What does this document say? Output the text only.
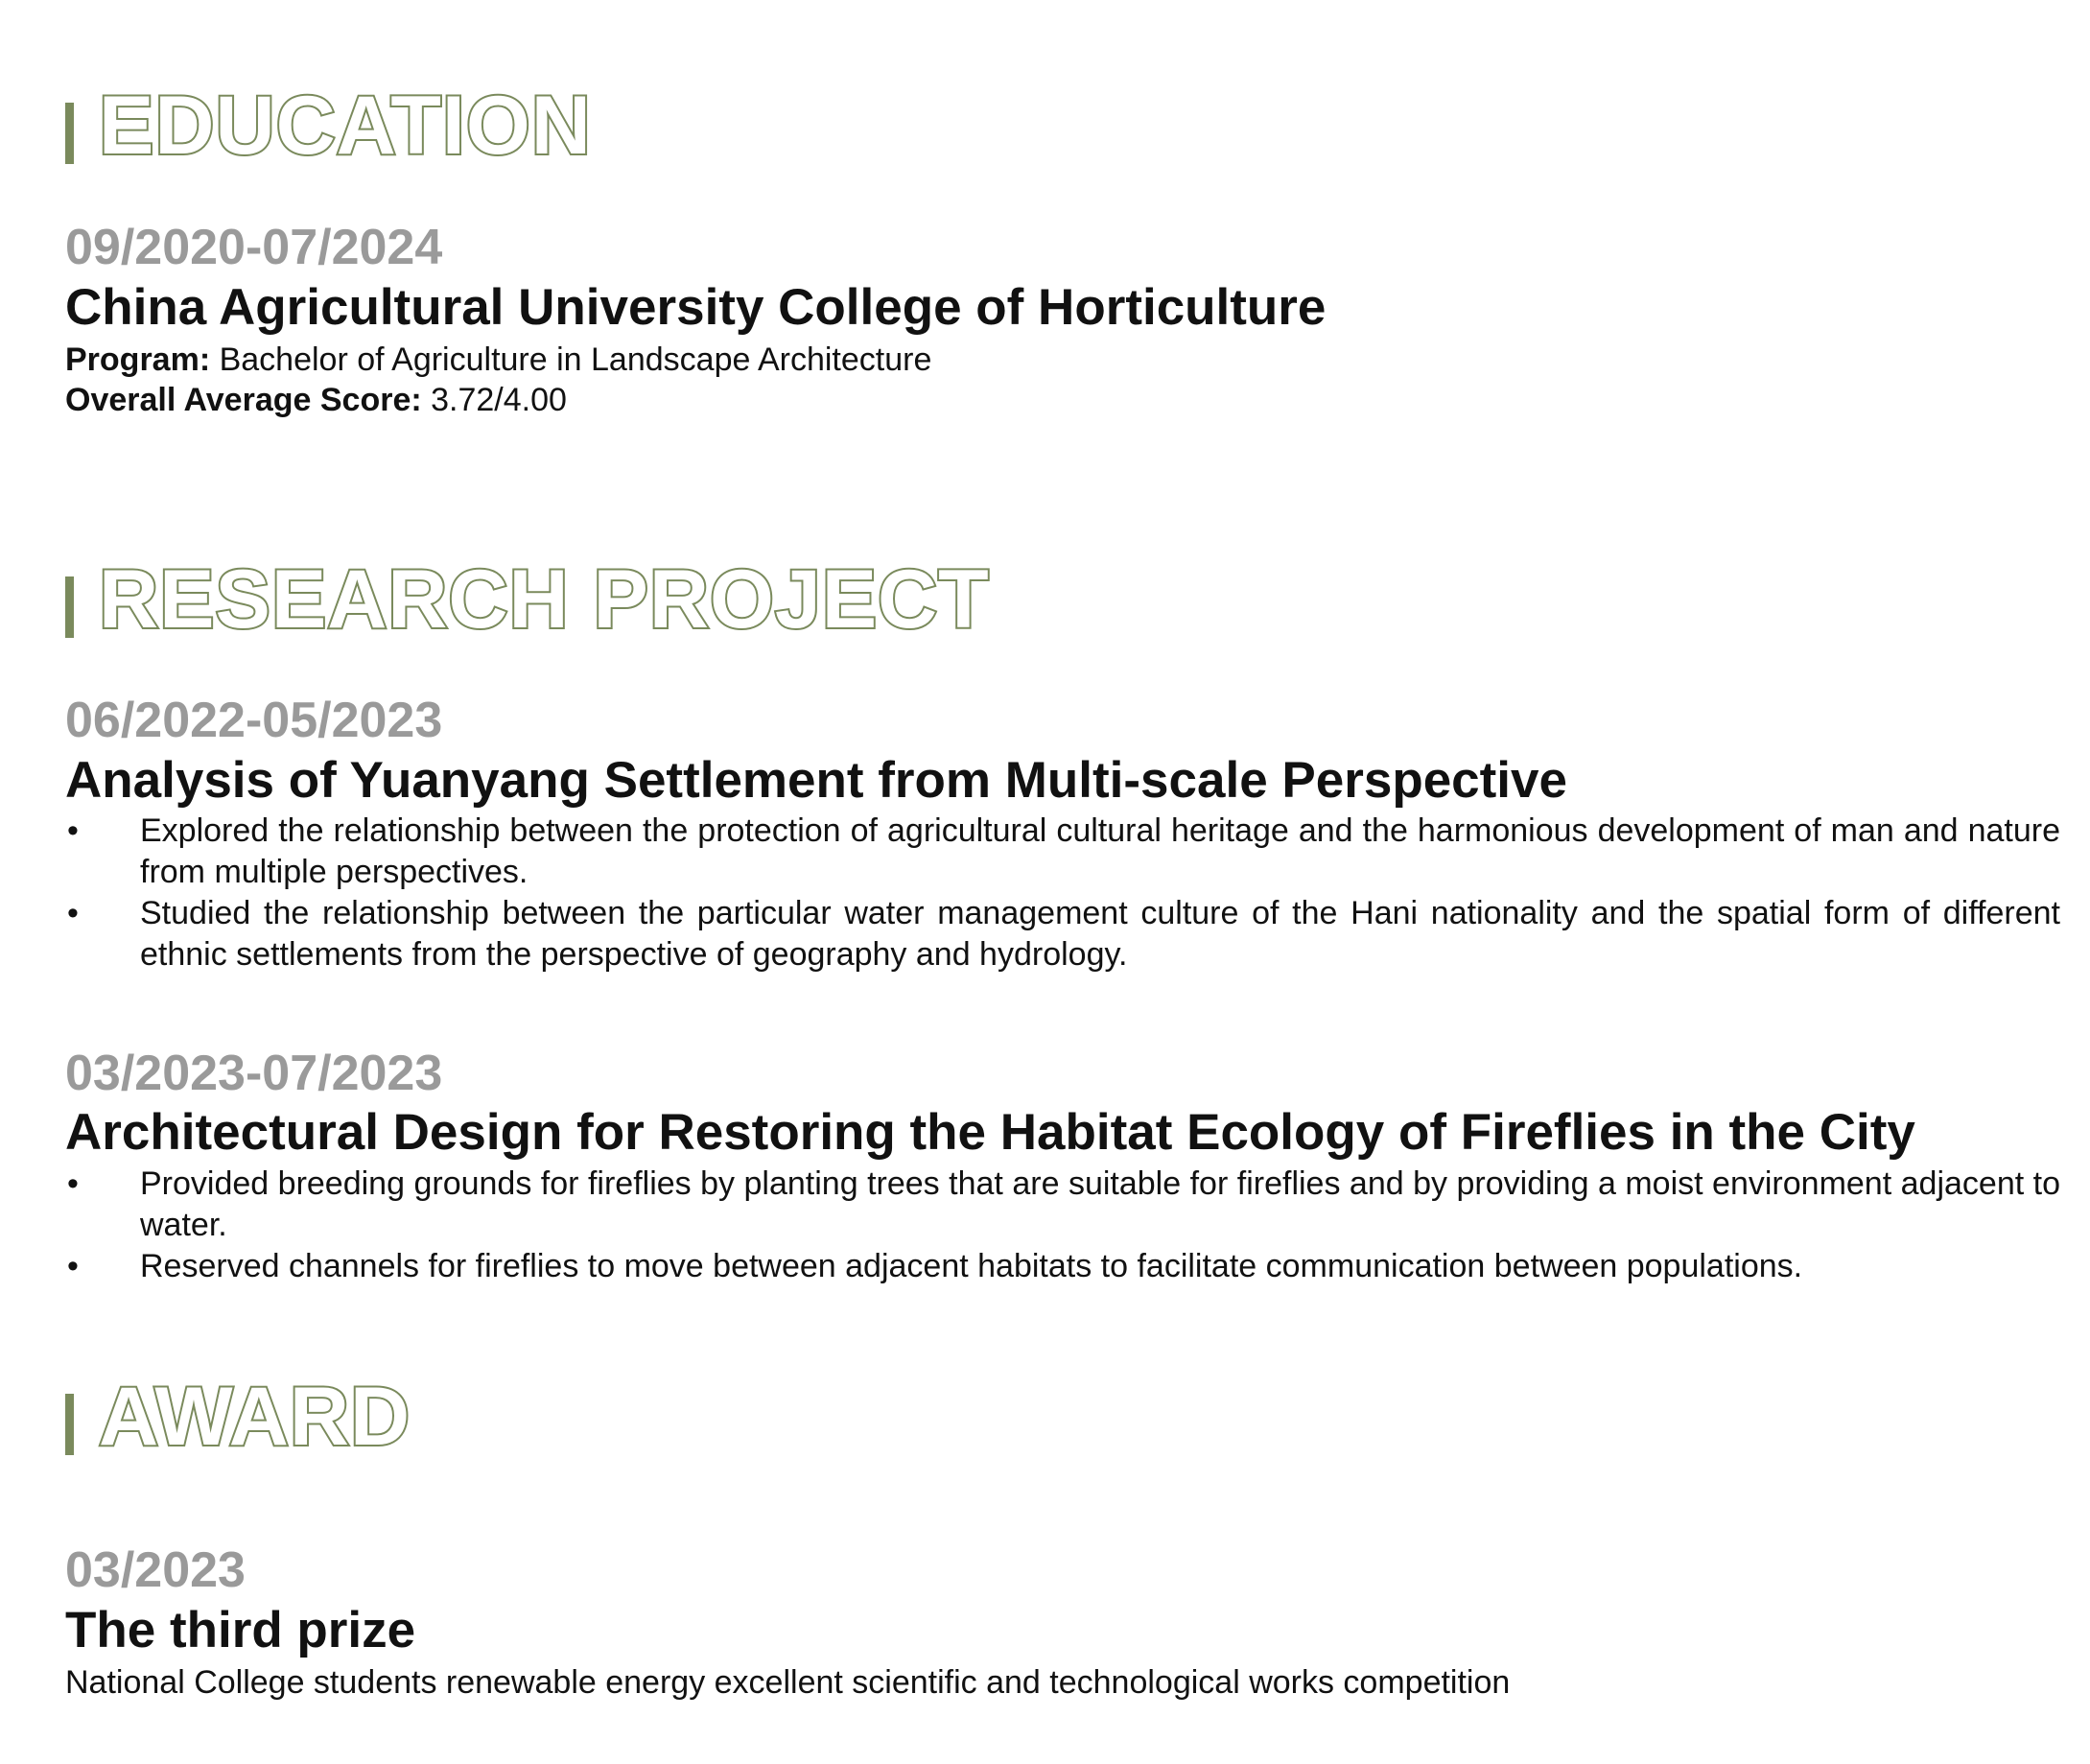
EDUCATION
09/2020-07/2024
China Agricultural University College of Horticulture
Program: Bachelor of Agriculture in Landscape Architecture
Overall Average Score: 3.72/4.00
RESEARCH PROJECT
06/2022-05/2023
Analysis of Yuanyang Settlement from Multi-scale Perspective
• Explored the relationship between the protection of agricultural cultural heritage and the harmonious development of man and nature from multiple perspectives.
• Studied the relationship between the particular water management culture of the Hani nationality and the spatial form of different ethnic settlements from the perspective of geography and hydrology.
03/2023-07/2023
Architectural Design for Restoring the Habitat Ecology of Fireflies in the City
• Provided breeding grounds for fireflies by planting trees that are suitable for fireflies and by providing a moist environment adjacent to water.
• Reserved channels for fireflies to move between adjacent habitats to facilitate communication between populations.
AWARD
03/2023
The third prize
National College students renewable energy excellent scientific and technological works competition
